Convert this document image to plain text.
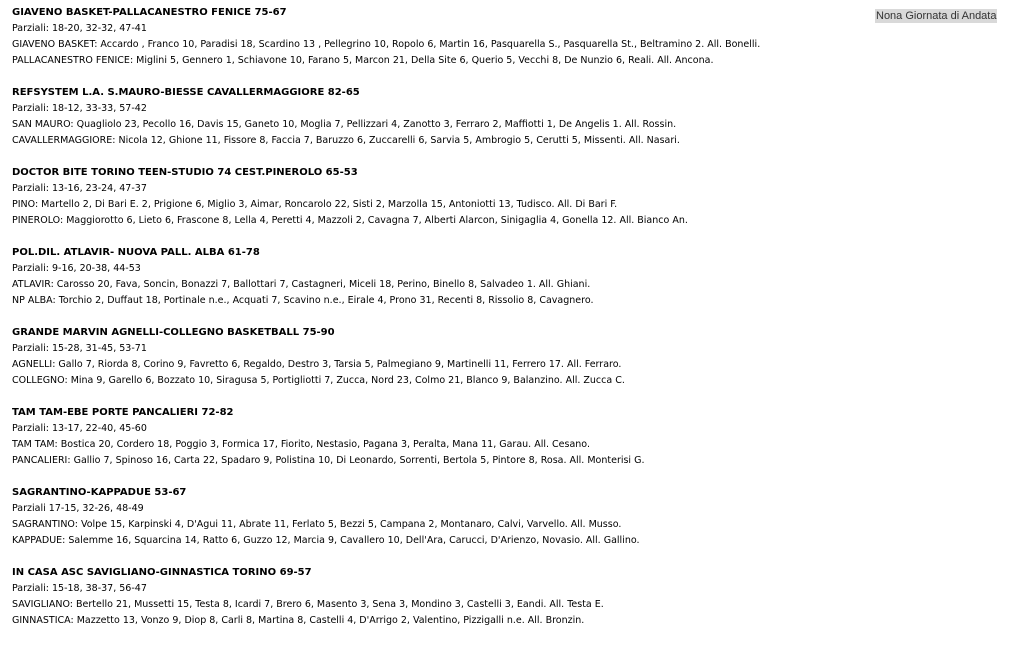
Nona Giornata di Andata
GIAVENO BASKET-PALLACANESTRO FENICE 75-67
Parziali: 18-20, 32-32, 47-41
GIAVENO BASKET: Accardo , Franco 10, Paradisi 18, Scardino 13 , Pellegrino 10, Ropolo 6, Martin 16, Pasquarella S., Pasquarella St., Beltramino 2. All. Bonelli.
PALLACANESTRO FENICE: Miglini 5, Gennero 1, Schiavone 10, Farano 5, Marcon 21, Della Site 6, Querio 5, Vecchi 8, De Nunzio 6, Reali. All. Ancona.
REFSYSTEM L.A. S.MAURO-BIESSE CAVALLERMAGGIORE 82-65
Parziali: 18-12, 33-33, 57-42
SAN MAURO: Quagliolo 23, Pecollo 16, Davis 15, Ganeto 10, Moglia 7, Pellizzari 4, Zanotto 3, Ferraro 2, Maffiotti 1, De Angelis 1. All. Rossin.
CAVALLERMAGGIORE: Nicola 12, Ghione 11, Fissore 8, Faccia 7, Baruzzo 6, Zuccarelli 6, Sarvia 5, Ambrogio 5, Cerutti 5, Missenti. All. Nasari.
DOCTOR BITE TORINO TEEN-STUDIO 74 CEST.PINEROLO 65-53
Parziali: 13-16, 23-24, 47-37
PINO: Martello 2, Di Bari E. 2, Prigione 6, Miglio 3, Aimar, Roncarolo 22, Sisti 2, Marzolla 15, Antoniotti 13, Tudisco. All. Di Bari F.
PINEROLO: Maggiorotto 6, Lieto 6, Frascone 8, Lella 4, Peretti 4, Mazzoli 2, Cavagna 7, Alberti Alarcon, Sinigaglia 4, Gonella 12. All. Bianco An.
POL.DIL. ATLAVIR- NUOVA PALL. ALBA 61-78
Parziali: 9-16, 20-38, 44-53
ATLAVIR: Carosso 20, Fava, Soncin, Bonazzi 7, Ballottari 7, Castagneri, Miceli 18, Perino, Binello 8, Salvadeo 1. All. Ghiani.
NP ALBA: Torchio 2, Duffaut 18, Portinale n.e., Acquati 7, Scavino n.e., Eirale 4, Prono 31, Recenti 8, Rissolio 8, Cavagnero.
GRANDE MARVIN AGNELLI-COLLEGNO BASKETBALL 75-90
Parziali: 15-28, 31-45, 53-71
AGNELLI: Gallo 7, Riorda 8, Corino 9, Favretto 6, Regaldo, Destro 3, Tarsia 5, Palmegiano 9, Martinelli 11, Ferrero 17. All. Ferraro.
COLLEGNO: Mina 9, Garello 6, Bozzato 10, Siragusa 5, Portigliotti 7, Zucca, Nord 23, Colmo 21, Blanco 9, Balanzino. All. Zucca C.
TAM TAM-EBE PORTE PANCALIERI 72-82
Parziali: 13-17, 22-40, 45-60
TAM TAM: Bostica 20, Cordero 18, Poggio 3, Formica 17, Fiorito, Nestasio, Pagana 3, Peralta, Mana 11, Garau. All. Cesano.
PANCALIERI: Gallio 7, Spinoso 16, Carta 22, Spadaro 9, Polistina 10, Di Leonardo, Sorrenti, Bertola 5, Pintore 8, Rosa. All. Monterisi G.
SAGRANTINO-KAPPADUE 53-67
Parziali 17-15, 32-26, 48-49
SAGRANTINO: Volpe 15, Karpinski 4, D'Agui 11, Abrate 11, Ferlato 5, Bezzi 5, Campana 2, Montanaro, Calvi, Varvello. All. Musso.
KAPPADUE: Salemme 16, Squarcina 14, Ratto 6, Guzzo 12, Marcia 9, Cavallero 10, Dell'Ara, Carucci, D'Arienzo, Novasio. All. Gallino.
IN CASA ASC SAVIGLIANO-GINNASTICA TORINO 69-57
Parziali: 15-18, 38-37, 56-47
SAVIGLIANO: Bertello 21, Mussetti 15, Testa 8, Icardi 7, Brero 6, Masento 3, Sena 3, Mondino 3, Castelli 3, Eandi. All. Testa E.
GINNASTICA: Mazzetto 13, Vonzo 9, Diop 8, Carli 8, Martina 8, Castelli 4, D'Arrigo 2, Valentino, Pizzigalli n.e. All. Bronzin.
